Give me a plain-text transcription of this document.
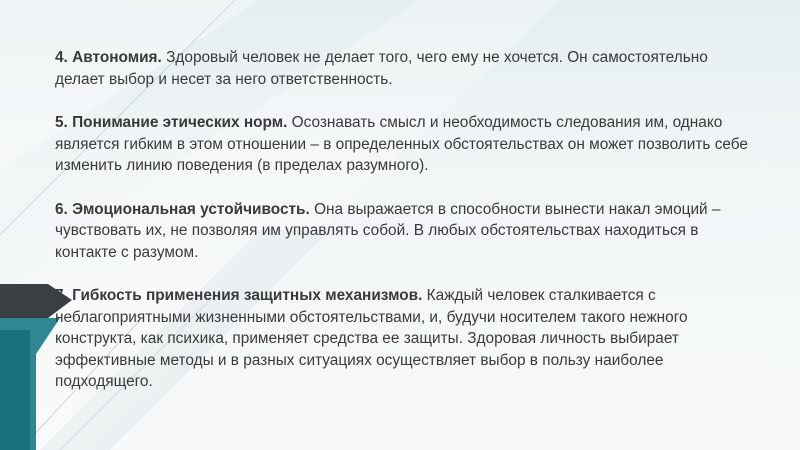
4. Автономия. Здоровый человек не делает того, чего ему не хочется. Он самостоятельно делает выбор и несет за него ответственность.

5. Понимание этических норм. Осознавать смысл и необходимость следования им, однако является гибким в этом отношении – в определенных обстоятельствах он может позволить себе изменить линию поведения (в пределах разумного).

6. Эмоциональная устойчивость. Она выражается в способности вынести накал эмоций – чувствовать их, не позволяя им управлять собой. В любых обстоятельствах находиться в контакте с разумом.

7. Гибкость применения защитных механизмов. Каждый человек сталкивается с неблагоприятными жизненными обстоятельствами, и, будучи носителем такого нежного конструкта, как психика, применяет средства ее защиты. Здоровая личность выбирает эффективные методы и в разных ситуациях осуществляет выбор в пользу наиболее подходящего.
